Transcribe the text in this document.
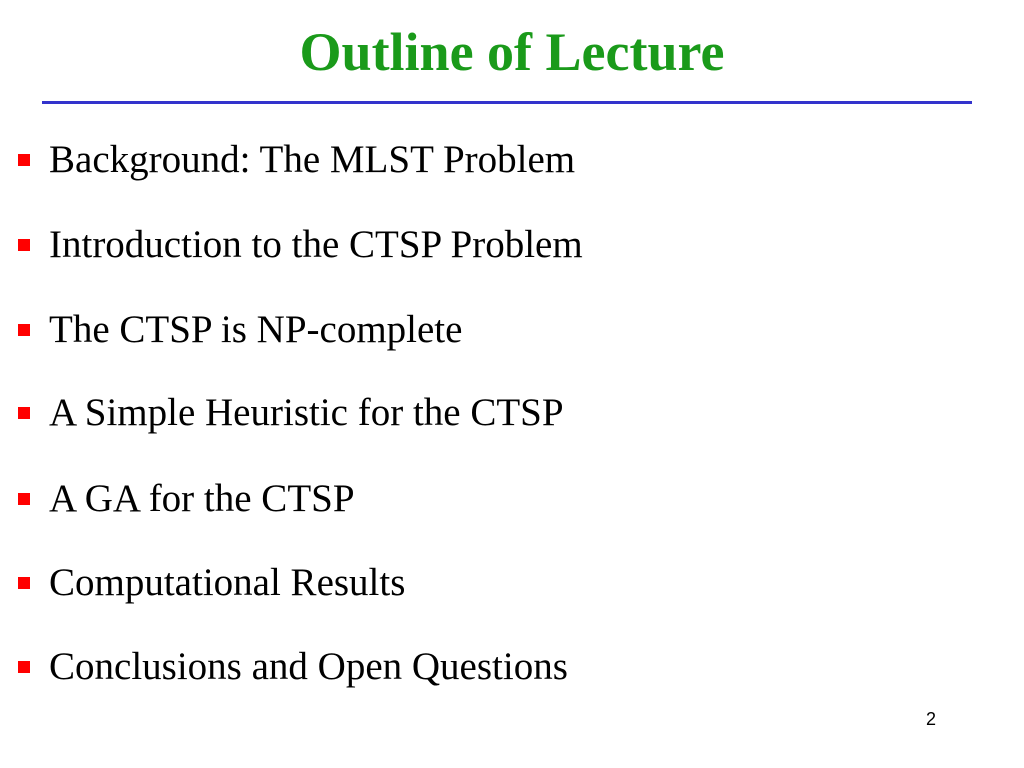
Outline of Lecture
Background: The MLST Problem
Introduction to the CTSP Problem
The CTSP is NP-complete
A Simple Heuristic for the CTSP
A GA for the CTSP
Computational Results
Conclusions and Open Questions
2
